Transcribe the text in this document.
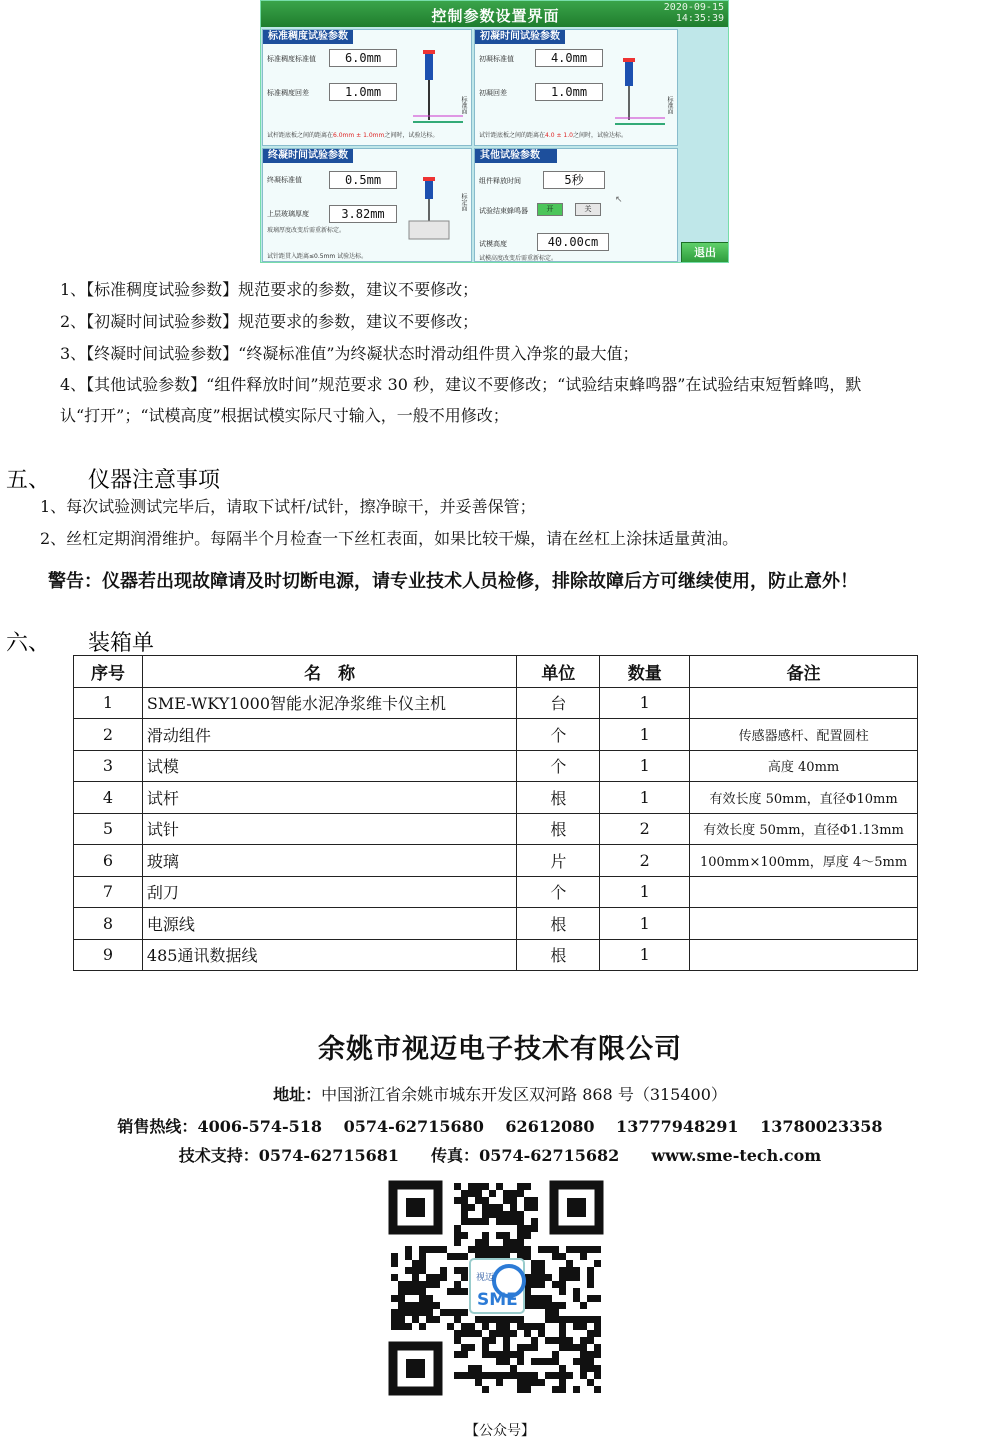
控制参数设置界面	2020-09-15
14:35:39
标准稠度试验参数
标准稠度标准值	6.0mm
标准稠度回差	1.0mm
标准面
试杆距底板之间的距离在6.0mm ± 1.0mm之间时，试验达标。
初凝时间试验参数
初凝标准值	4.0mm
初凝回差	1.0mm
标准面
试针距底板之间的距离在4.0 ± 1.0之间时，试验达标。
终凝时间试验参数
终凝标准值	0.5mm
上层玻璃厚度	3.82mm
玻璃厚度改变后需重新标定。
标定面
试针距贯入距离≤0.5mm 试验达标。
其他试验参数
组件释放时间	5秒
试验结束蜂鸣器	开	关
↖
试模高度	40.00cm
试模高度改变后需重新标定。	退出
1、【标准稠度试验参数】规范要求的参数，建议不要修改；
2、【初凝时间试验参数】规范要求的参数，建议不要修改；
3、【终凝时间试验参数】“终凝标准值”为终凝状态时滑动组件贯入净浆的最大值；
4、【其他试验参数】“组件释放时间”规范要求 30 秒，建议不要修改；“试验结束蜂鸣器”在试验结束短暂蜂鸣，默
认“打开”；“试模高度”根据试模实际尺寸输入，一般不用修改；
五、 仪器注意事项
1、每次试验测试完毕后，请取下试杆/试针，擦净晾干，并妥善保管；
2、丝杠定期润滑维护。每隔半个月检查一下丝杠表面，如果比较干燥，请在丝杠上涂抹适量黄油。
警告：仪器若出现故障请及时切断电源，请专业技术人员检修，排除故障后方可继续使用，防止意外！
六、 装箱单
序号	名　称	单位	数量	备注
1	SME-WKY1000智能水泥净浆维卡仪主机	台	1	
2	滑动组件	个	1	传感器感杆、配置圆柱
3	试模	个	1	高度 40mm
4	试杆	根	1	有效长度 50mm，直径Φ10mm
5	试针	根	2	有效长度 50mm，直径Φ1.13mm
6	玻璃	片	2	100mm×100mm，厚度 4～5mm
7	刮刀	个	1	
8	电源线	根	1	
9	485通讯数据线	根	1	
余姚市视迈电子技术有限公司
地址：中国浙江省余姚市城东开发区双河路 868 号（315400）
销售热线：4006-574-518　 0574-62715680　 62612080　 13777948291　 13780023358
技术支持：0574-62715681　　 传真：0574-62715682　　 www.sme-tech.com
视迈
SME
【公众号】
